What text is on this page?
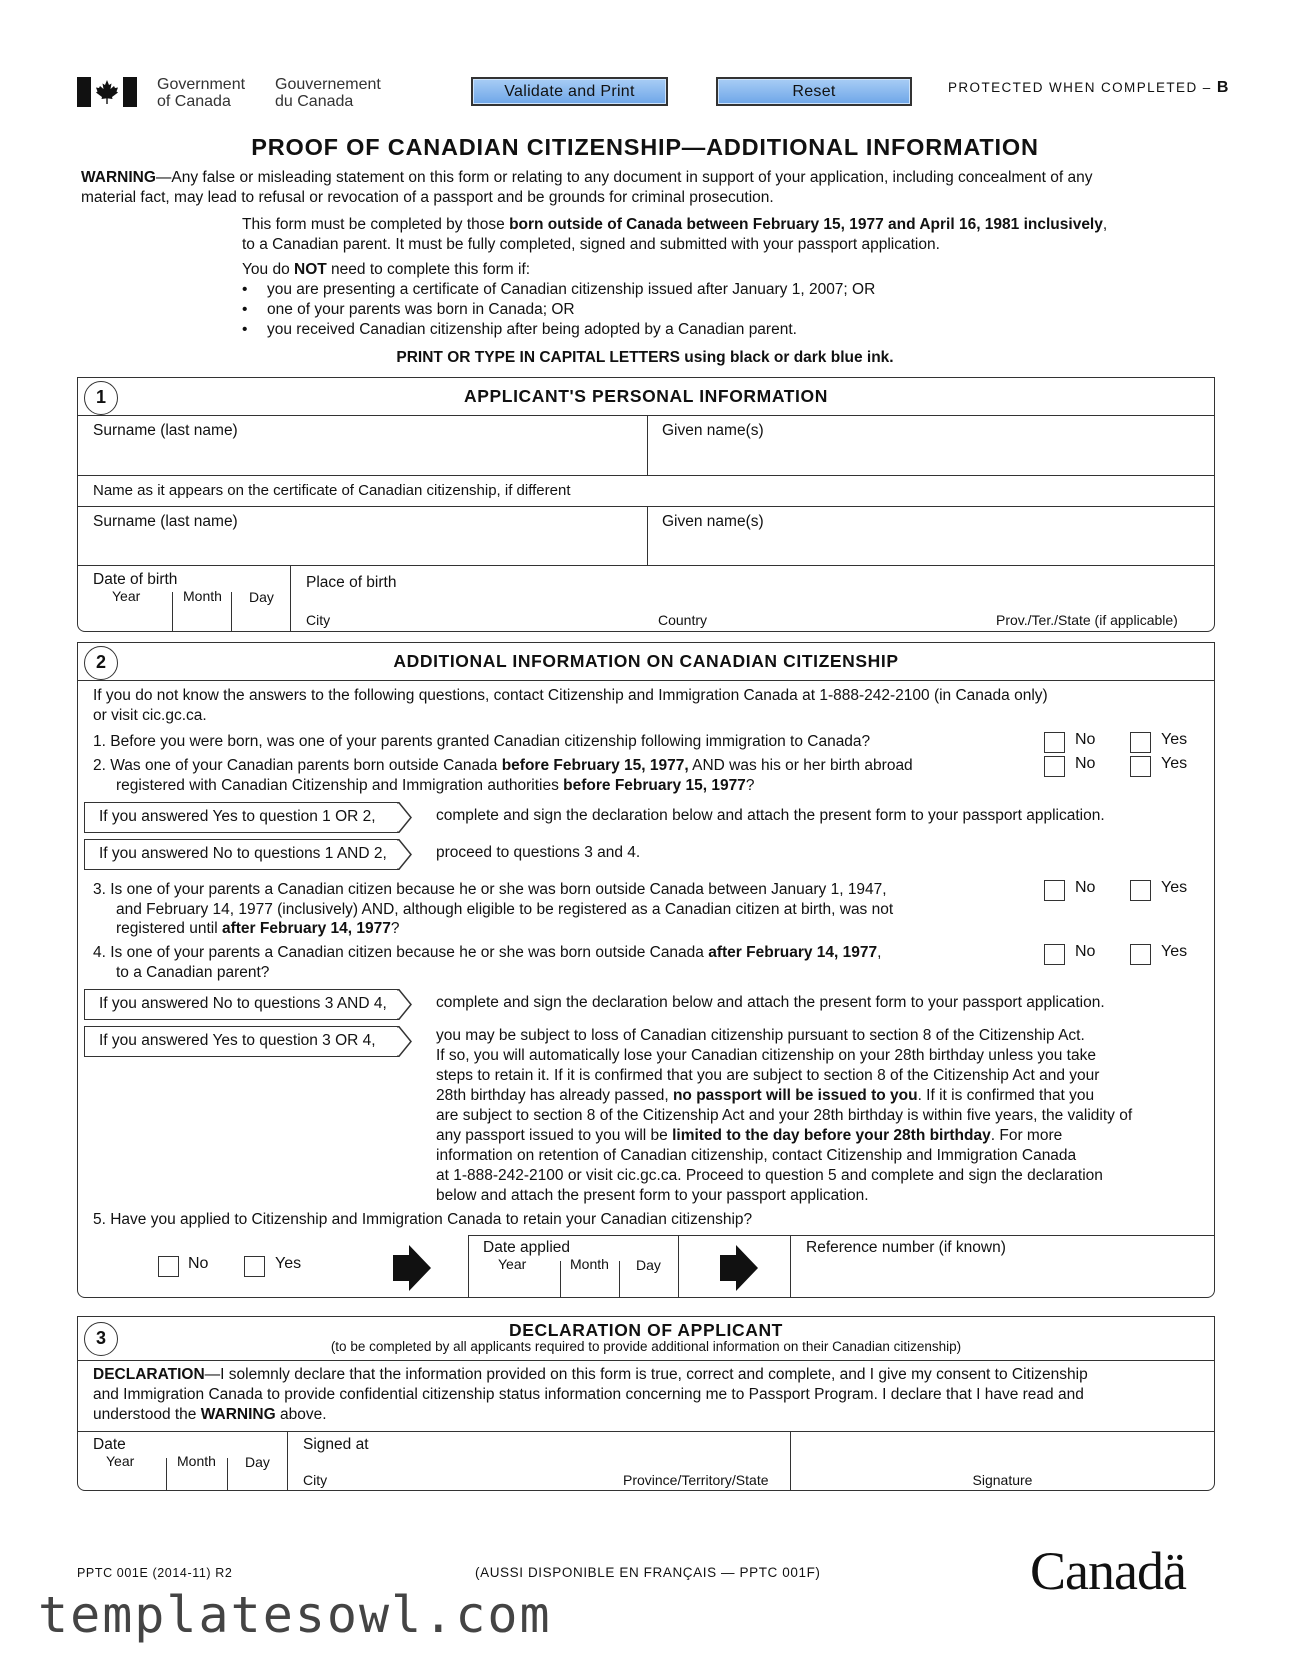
Government
of Canada
Gouvernement
du Canada
Validate and Print	Reset	PROTECTED WHEN COMPLETED – B
PROOF OF CANADIAN CITIZENSHIP—ADDITIONAL INFORMATION
WARNING—Any false or misleading statement on this form or relating to any document in support of your application, including concealment of any
material fact, may lead to refusal or revocation of a passport and be grounds for criminal prosecution.
This form must be completed by those born outside of Canada between February 15, 1977 and April 16, 1981 inclusively,
to a Canadian parent. It must be fully completed, signed and submitted with your passport application.
You do NOT need to complete this form if:
• you are presenting a certificate of Canadian citizenship issued after January 1, 2007; OR
• one of your parents was born in Canada; OR
• you received Canadian citizenship after being adopted by a Canadian parent.
PRINT OR TYPE IN CAPITAL LETTERS using black or dark blue ink.
1	APPLICANT'S PERSONAL INFORMATION
Surname (last name)	Given name(s)
Name as it appears on the certificate of Canadian citizenship, if different
Surname (last name)	Given name(s)
Date of birth
Year	Month Day
Place of birth
City	Country	Prov./Ter./State (if applicable)
2	ADDITIONAL INFORMATION ON CANADIAN CITIZENSHIP
If you do not know the answers to the following questions, contact Citizenship and Immigration Canada at 1-888-242-2100 (in Canada only)
or visit cic.gc.ca.
1. Before you were born, was one of your parents granted Canadian citizenship following immigration to Canada?	No	Yes
2. Was one of your Canadian parents born outside Canada before February 15, 1977, AND was his or her birth abroad
registered with Canadian Citizenship and Immigration authorities before February 15, 1977?
No	Yes
If you answered Yes to question 1 OR 2,	complete and sign the declaration below and attach the present form to your passport application.
If you answered No to questions 1 AND 2,	proceed to questions 3 and 4.
3. Is one of your parents a Canadian citizen because he or she was born outside Canada between January 1, 1947,
and February 14, 1977 (inclusively) AND, although eligible to be registered as a Canadian citizen at birth, was not
registered until after February 14, 1977?
No	Yes
4. Is one of your parents a Canadian citizen because he or she was born outside Canada after February 14, 1977,
to a Canadian parent?
No	Yes
If you answered No to questions 3 AND 4,	complete and sign the declaration below and attach the present form to your passport application.
If you answered Yes to question 3 OR 4,	you may be subject to loss of Canadian citizenship pursuant to section 8 of the Citizenship Act.
If so, you will automatically lose your Canadian citizenship on your 28th birthday unless you take
steps to retain it. If it is confirmed that you are subject to section 8 of the Citizenship Act and your
28th birthday has already passed, no passport will be issued to you. If it is confirmed that you
are subject to section 8 of the Citizenship Act and your 28th birthday is within five years, the validity of
any passport issued to you will be limited to the day before your 28th birthday. For more
information on retention of Canadian citizenship, contact Citizenship and Immigration Canada
at 1-888-242-2100 or visit cic.gc.ca. Proceed to question 5 and complete and sign the declaration
below and attach the present form to your passport application.
5. Have you applied to Citizenship and Immigration Canada to retain your Canadian citizenship?
No	Yes
Date applied
Year	Month Day
Reference number (if known)
3	DECLARATION OF APPLICANT
(to be completed by all applicants required to provide additional information on their Canadian citizenship)
DECLARATION—I solemnly declare that the information provided on this form is true, correct and complete, and I give my consent to Citizenship
and Immigration Canada to provide confidential citizenship status information concerning me to Passport Program. I declare that I have read and
understood the WARNING above.
Date
Year	Month Day
Signed at
City	Province/Territory/State	Signature
PPTC 001E (2014-11) R2	(AUSSI DISPONIBLE EN FRANÇAIS — PPTC 001F)	Canadä
templatesowl.com
